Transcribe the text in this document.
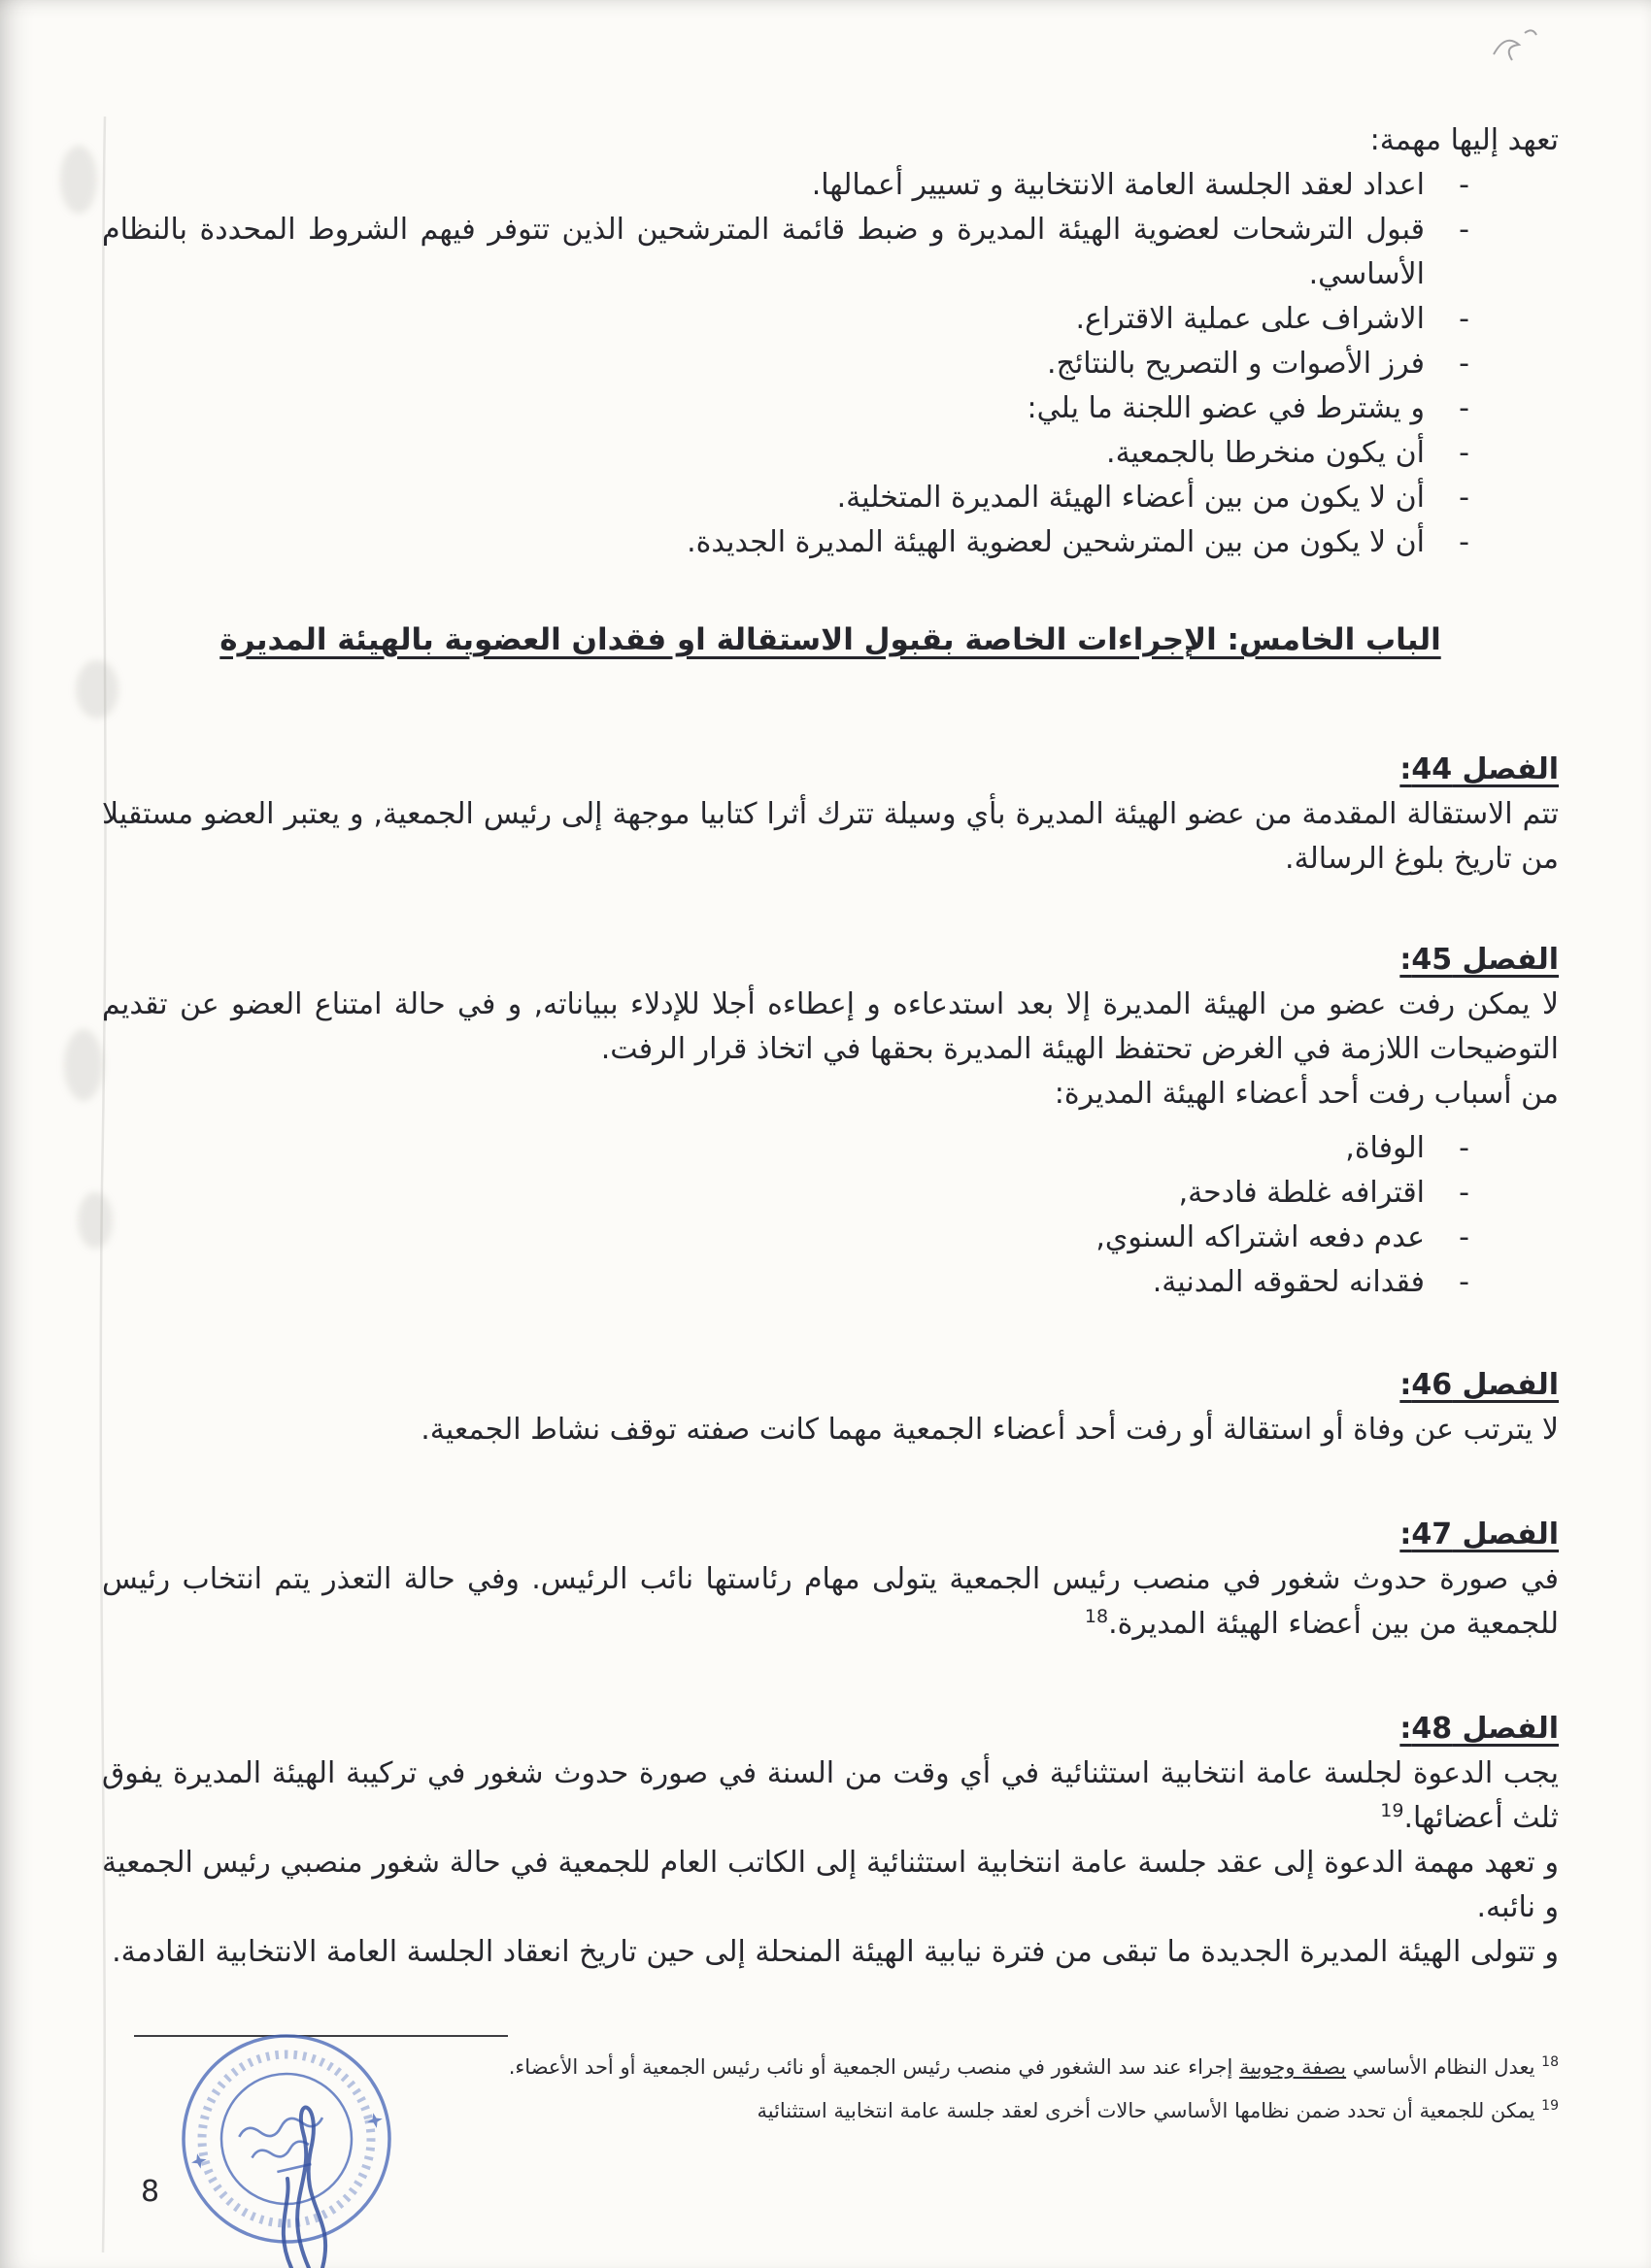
تعهد إليها مهمة:

-
اعداد لعقد الجلسة العامة الانتخابية و تسيير أعمالها.
-
قبول الترشحات لعضوية الهيئة المديرة و ضبط قائمة المترشحين الذين تتوفر فيهم الشروط المحددة بالنظام الأساسي.
-
الاشراف على عملية الاقتراع.
-
فرز الأصوات و التصريح بالنتائج.
-
و يشترط في عضو اللجنة ما يلي:
-
أن يكون منخرطا بالجمعية.
-
أن لا يكون من بين أعضاء الهيئة المديرة المتخلية.
-
أن لا يكون من بين المترشحين لعضوية الهيئة المديرة الجديدة.
الباب الخامس: الإجراءات الخاصة بقبول الاستقالة او فقدان العضوية بالهيئة المديرة
الفصل 44:

تتم الاستقالة المقدمة من عضو الهيئة المديرة بأي وسيلة تترك أثرا كتابيا موجهة إلى رئيس الجمعية, و يعتبر العضو مستقيلا من تاريخ بلوغ الرسالة.

الفصل 45:

لا يمكن رفت عضو من الهيئة المديرة إلا بعد استدعاءه و إعطاءه أجلا للإدلاء ببياناته, و في حالة امتناع العضو عن تقديم التوضيحات اللازمة في الغرض تحتفظ الهيئة المديرة بحقها في اتخاذ قرار الرفت.

من أسباب رفت أحد أعضاء الهيئة المديرة:

-
الوفاة,
-
اقترافه غلطة فادحة,
-
عدم دفعه اشتراكه السنوي,
-
فقدانه لحقوقه المدنية.
الفصل 46:

لا يترتب عن وفاة أو استقالة أو رفت أحد أعضاء الجمعية مهما كانت صفته توقف نشاط الجمعية.

الفصل 47:

في صورة حدوث شغور في منصب رئيس الجمعية يتولى مهام رئاستها نائب الرئيس. وفي حالة التعذر يتم انتخاب رئيس للجمعية من بين أعضاء الهيئة المديرة.$^{18}$

الفصل 48:

يجب الدعوة لجلسة عامة انتخابية استثنائية في أي وقت من السنة في صورة حدوث شغور في تركيبة الهيئة المديرة يفوق ثلث أعضائها.$^{19}$

و تعهد مهمة الدعوة إلى عقد جلسة عامة انتخابية استثنائية إلى الكاتب العام للجمعية في حالة شغور منصبي رئيس الجمعية و نائبه.

و تتولى الهيئة المديرة الجديدة ما تبقى من فترة نيابية الهيئة المنحلة إلى حين تاريخ انعقاد الجلسة العامة الانتخابية القادمة.

$^{18}$ يعدل النظام الأساسي بصفة وجوبية إجراء عند سد الشغور في منصب رئيس الجمعية أو نائب رئيس الجمعية أو أحد الأعضاء.

$^{19}$ يمكن للجمعية أن تحدد ضمن نظامها الأساسي حالات أخرى لعقد جلسة عامة انتخابية استثنائية

8
